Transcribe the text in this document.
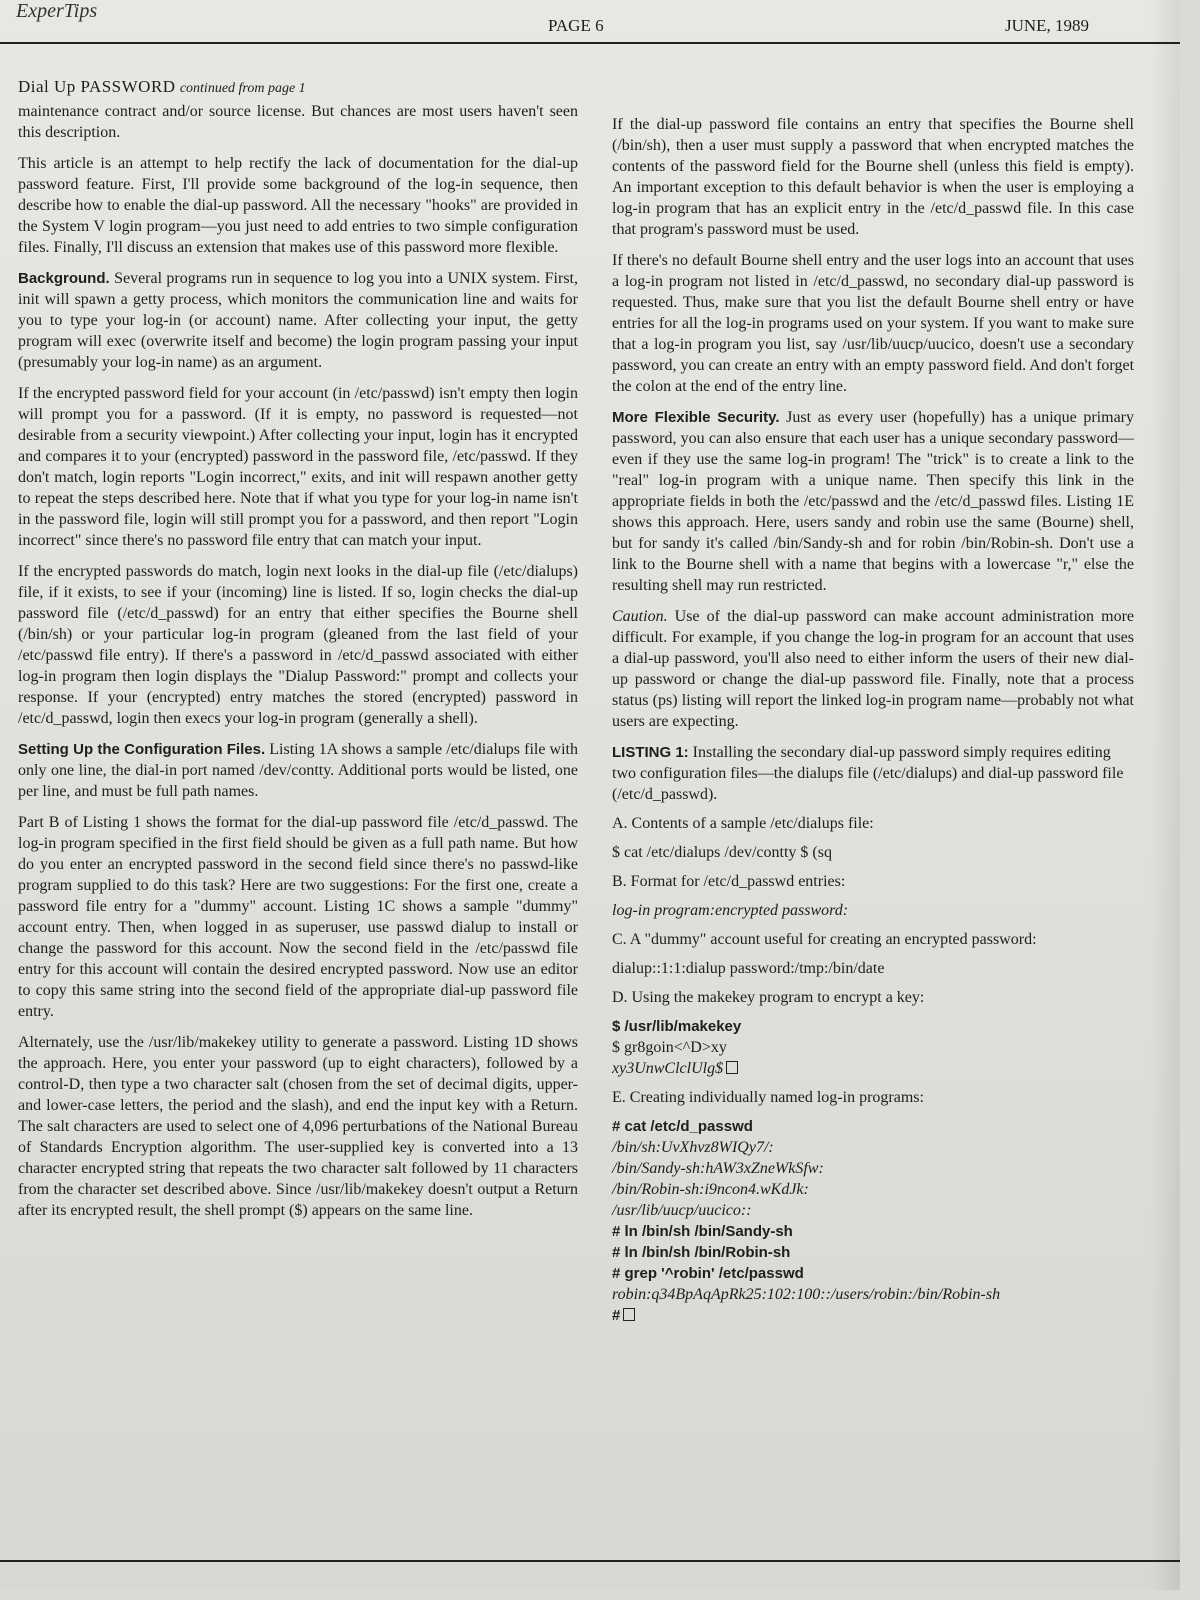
ExperTips
PAGE 6	JUNE, 1989
Dial Up PASSWORD continued from page 1

maintenance contract and/or source license. But chances are most users haven't seen this description.

This article is an attempt to help rectify the lack of documentation for the dial-up password feature. First, I'll provide some background of the log-in sequence, then describe how to enable the dial-up password. All the necessary "hooks" are provided in the System V login program—you just need to add entries to two simple configuration files. Finally, I'll discuss an extension that makes use of this password more flexible.

Background. Several programs run in sequence to log you into a UNIX system. First, init will spawn a getty process, which monitors the communication line and waits for you to type your log-in (or account) name. After collecting your input, the getty program will exec (overwrite itself and become) the login program passing your input (presumably your log-in name) as an argument.

If the encrypted password field for your account (in /etc/passwd) isn't empty then login will prompt you for a password. (If it is empty, no password is requested—not desirable from a security viewpoint.) After collecting your input, login has it encrypted and compares it to your (encrypted) password in the password file, /etc/passwd. If they don't match, login reports "Login incorrect," exits, and init will respawn another getty to repeat the steps described here. Note that if what you type for your log-in name isn't in the password file, login will still prompt you for a password, and then report "Login incorrect" since there's no password file entry that can match your input.

If the encrypted passwords do match, login next looks in the dial-up file (/etc/dialups) file, if it exists, to see if your (incoming) line is listed. If so, login checks the dial-up password file (/etc/d_passwd) for an entry that either specifies the Bourne shell (/bin/sh) or your particular log-in program (gleaned from the last field of your /etc/passwd file entry). If there's a password in /etc/d_passwd associated with either log-in program then login displays the "Dialup Password:" prompt and collects your response. If your (encrypted) entry matches the stored (encrypted) password in /etc/d_passwd, login then execs your log-in program (generally a shell).

Setting Up the Configuration Files. Listing 1A shows a sample /etc/dialups file with only one line, the dial-in port named /dev/contty. Additional ports would be listed, one per line, and must be full path names.

Part B of Listing 1 shows the format for the dial-up password file /etc/d_passwd. The log-in program specified in the first field should be given as a full path name. But how do you enter an encrypted password in the second field since there's no passwd-like program supplied to do this task? Here are two suggestions: For the first one, create a password file entry for a "dummy" account. Listing 1C shows a sample "dummy" account entry. Then, when logged in as superuser, use passwd dialup to install or change the password for this account. Now the second field in the /etc/passwd file entry for this account will contain the desired encrypted password. Now use an editor to copy this same string into the second field of the appropriate dial-up password file entry.

Alternately, use the /usr/lib/makekey utility to generate a password. Listing 1D shows the approach. Here, you enter your password (up to eight characters), followed by a control-D, then type a two character salt (chosen from the set of decimal digits, upper- and lower-case letters, the period and the slash), and end the input key with a Return. The salt characters are used to select one of 4,096 perturbations of the National Bureau of Standards Encryption algorithm. The user-supplied key is converted into a 13 character encrypted string that repeats the two character salt followed by 11 characters from the character set described above. Since /usr/lib/makekey doesn't output a Return after its encrypted result, the shell prompt ($) appears on the same line.

If the dial-up password file contains an entry that specifies the Bourne shell (/bin/sh), then a user must supply a password that when encrypted matches the contents of the password field for the Bourne shell (unless this field is empty). An important exception to this default behavior is when the user is employing a log-in program that has an explicit entry in the /etc/d_passwd file. In this case that program's password must be used.

If there's no default Bourne shell entry and the user logs into an account that uses a log-in program not listed in /etc/d_passwd, no secondary dial-up password is requested. Thus, make sure that you list the default Bourne shell entry or have entries for all the log-in programs used on your system. If you want to make sure that a log-in program you list, say /usr/lib/uucp/uucico, doesn't use a secondary password, you can create an entry with an empty password field. And don't forget the colon at the end of the entry line.

More Flexible Security. Just as every user (hopefully) has a unique primary password, you can also ensure that each user has a unique secondary password—even if they use the same log-in program! The "trick" is to create a link to the "real" log-in program with a unique name. Then specify this link in the appropriate fields in both the /etc/passwd and the /etc/d_passwd files. Listing 1E shows this approach. Here, users sandy and robin use the same (Bourne) shell, but for sandy it's called /bin/Sandy-sh and for robin /bin/Robin-sh. Don't use a link to the Bourne shell with a name that begins with a lowercase "r," else the resulting shell may run restricted.

Caution. Use of the dial-up password can make account administration more difficult. For example, if you change the log-in program for an account that uses a dial-up password, you'll also need to either inform the users of their new dial-up password or change the dial-up password file. Finally, note that a process status (ps) listing will report the linked log-in program name—probably not what users are expecting.

LISTING 1: Installing the secondary dial-up password simply requires editing two configuration files—the dialups file (/etc/dialups) and dial-up password file (/etc/d_passwd).

A. Contents of a sample /etc/dialups file:

$ cat /etc/dialups /dev/contty $ (sq

B. Format for /etc/d_passwd entries:

log-in program:encrypted password:

C. A "dummy" account useful for creating an encrypted password:

dialup::1:1:dialup password:/tmp:/bin/date

D. Using the makekey program to encrypt a key:

$ /usr/lib/makekey
$ gr8goin<^D>xy
xy3UnwClclUlg$

E. Creating individually named log-in programs:

# cat /etc/d_passwd
/bin/sh:UvXhvz8WIQy7/:
/bin/Sandy-sh:hAW3xZneWkSfw:
/bin/Robin-sh:i9ncon4.wKdJk:
/usr/lib/uucp/uucico::
# ln /bin/sh /bin/Sandy-sh
# ln /bin/sh /bin/Robin-sh
# grep '^robin' /etc/passwd
robin:q34BpAqApRk25:102:100::/users/robin:/bin/Robin-sh
#
